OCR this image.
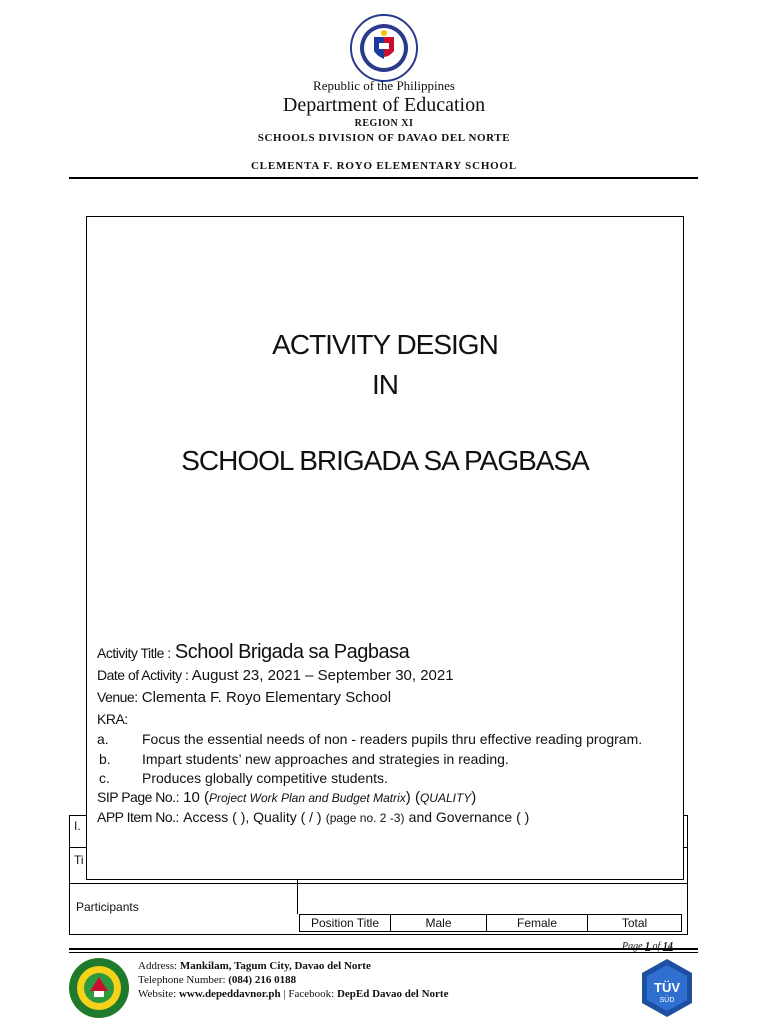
Republic of the Philippines
Department of Education
REGION XI
SCHOOLS DIVISION OF DAVAO DEL NORTE
CLEMENTA F. ROYO ELEMENTARY SCHOOL
I.
Ti
Participants
Position Title	Male	Female	Total
ACTIVITY DESIGN
IN
SCHOOL BRIGADA SA PAGBASA
Activity Title : School Brigada sa Pagbasa
Date of Activity : August 23, 2021 – September 30, 2021
Venue: Clementa F. Royo Elementary School
KRA:
a. Focus the essential needs of non - readers pupils thru effective reading program.
b. Impart students’ new approaches and strategies in reading.
c. Produces globally competitive students.
SIP Page No.: 10 (Project Work Plan and Budget Matrix) (QUALITY)
APP Item No.: Access ( ), Quality ( / ) (page no. 2 -3) and Governance ( )
Page 1 of 14
Address: Mankilam, Tagum City, Davao del Norte
Telephone Number: (084) 216 0188
Website: www.depeddavnor.ph | Facebook: DepEd Davao del Norte	TÜV
SÜD
